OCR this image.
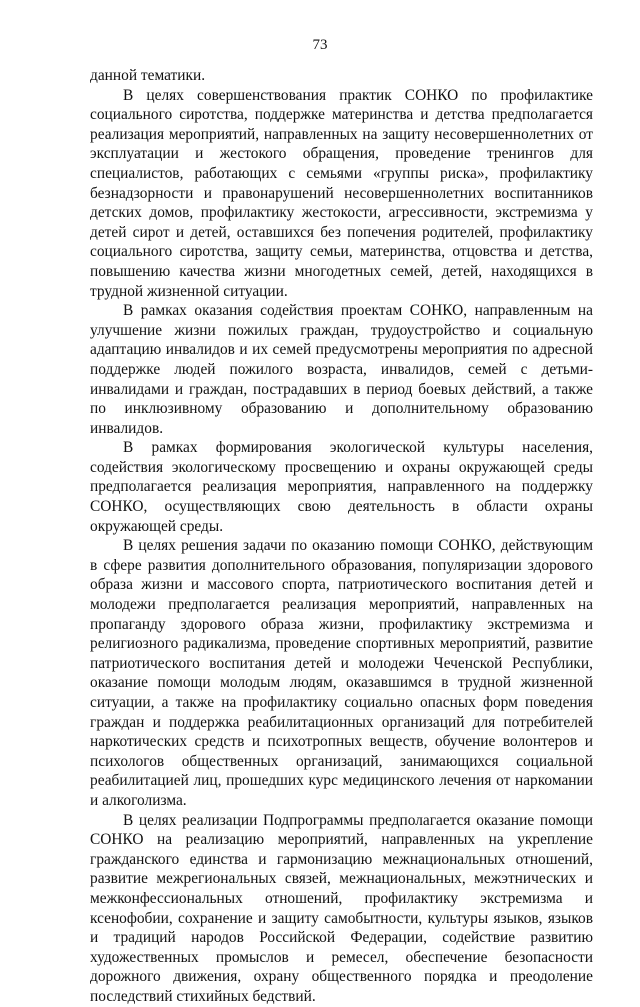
73

данной тематики.

В целях совершенствования практик СОНКО по профилактике социального сиротства, поддержке материнства и детства предполагается реализация мероприятий, направленных на защиту несовершеннолетних от эксплуатации и жестокого обращения, проведение тренингов для специалистов, работающих с семьями «группы риска», профилактику безнадзорности и правонарушений несовершеннолетних воспитанников детских домов, профилактику жестокости, агрессивности, экстремизма у детей сирот и детей, оставшихся без попечения родителей, профилактику социального сиротства, защиту семьи, материнства, отцовства и детства, повышению качества жизни многодетных семей, детей, находящихся в трудной жизненной ситуации.

В рамках оказания содействия проектам СОНКО, направленным на улучшение жизни пожилых граждан, трудоустройство и социальную адаптацию инвалидов и их семей предусмотрены мероприятия по адресной поддержке людей пожилого возраста, инвалидов, семей с детьми-инвалидами и граждан, пострадавших в период боевых действий, а также по инклюзивному образованию и дополнительному образованию инвалидов.

В рамках формирования экологической культуры населения, содействия экологическому просвещению и охраны окружающей среды предполагается реализация мероприятия, направленного на поддержку СОНКО, осуществляющих свою деятельность в области охраны окружающей среды.

В целях решения задачи по оказанию помощи СОНКО, действующим в сфере развития дополнительного образования, популяризации здорового образа жизни и массового спорта, патриотического воспитания детей и молодежи предполагается реализация мероприятий, направленных на пропаганду здорового образа жизни, профилактику экстремизма и религиозного радикализма, проведение спортивных мероприятий, развитие патриотического воспитания детей и молодежи Чеченской Республики, оказание помощи молодым людям, оказавшимся в трудной жизненной ситуации, а также на профилактику социально опасных форм поведения граждан и поддержка реабилитационных организаций для потребителей наркотических средств и психотропных веществ, обучение волонтеров и психологов общественных организаций, занимающихся социальной реабилитацией лиц, прошедших курс медицинского лечения от наркомании и алкоголизма.

В целях реализации Подпрограммы предполагается оказание помощи СОНКО на реализацию мероприятий, направленных на укрепление гражданского единства и гармонизацию межнациональных отношений, развитие межрегиональных связей, межнациональных, межэтнических и межконфессиональных отношений, профилактику экстремизма и ксенофобии, сохранение и защиту самобытности, культуры языков, языков и традиций народов Российской Федерации, содействие развитию художественных промыслов и ремесел, обеспечение безопасности дорожного движения, охрану общественного порядка и преодоление последствий стихийных бедствий.
